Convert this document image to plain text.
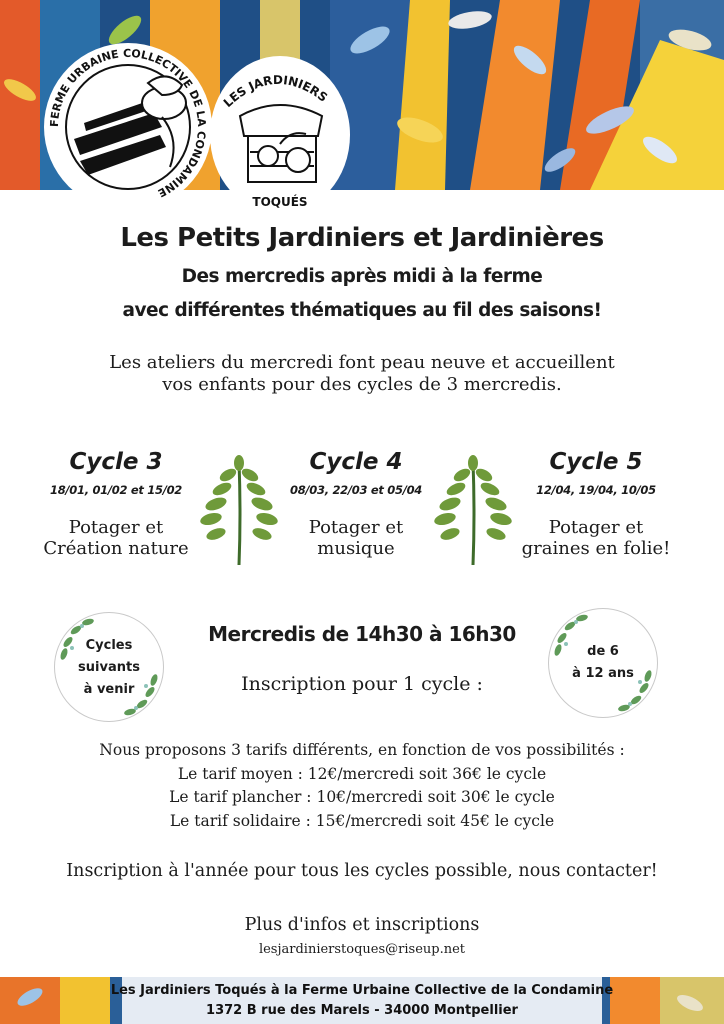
FERME URBAINE COLLECTIVE DE LA CONDAMINE
LES JARDINIERS
TOQUÉS
Les Petits Jardiniers et Jardinières
Des mercredis après midi à la ferme
avec différentes thématiques au fil des saisons!
Les ateliers du mercredi font peau neuve et accueillent
vos enfants pour des cycles de 3 mercredis.
Cycle 3
18/01, 01/02 et 15/02
Potager et
Création nature
Cycle 4
08/03, 22/03 et 05/04
Potager et
musique
Cycle 5
12/04, 19/04, 10/05
Potager et
graines en folie!
Cycles
suivants
à venir
de 6
à 12 ans
Mercredis de 14h30 à 16h30
Inscription pour 1 cycle :
Nous proposons 3 tarifs différents, en fonction de vos possibilités :
Le tarif moyen : 12€/mercredi soit 36€ le cycle
Le tarif plancher : 10€/mercredi soit 30€ le cycle
Le tarif solidaire : 15€/mercredi soit 45€ le cycle
Inscription à l'année pour tous les cycles possible, nous contacter!
Plus d'infos et inscriptions
lesjardinierstoques@riseup.net
Les Jardiniers Toqués à la Ferme Urbaine Collective de la Condamine
1372 B rue des Marels - 34000 Montpellier
